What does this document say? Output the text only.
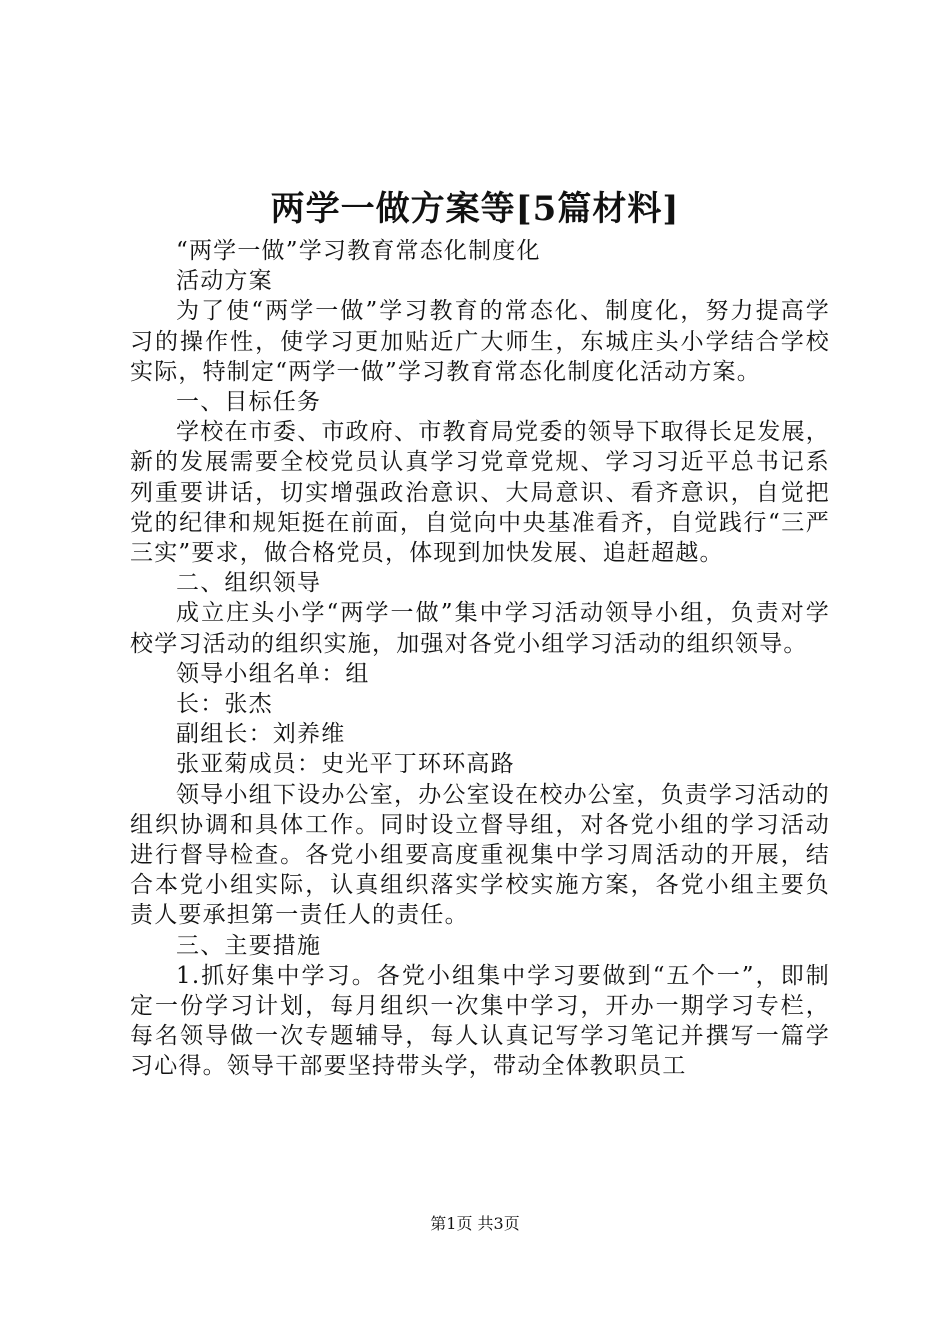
两学一做方案等[5篇材料]

“两学一做”学习教育常态化制度化

活动方案

为了使“两学一做”学习教育的常态化、制度化，努力提高学习的操作性，使学习更加贴近广大师生，东城庄头小学结合学校实际，特制定“两学一做”学习教育常态化制度化活动方案。

一、目标任务

学校在市委、市政府、市教育局党委的领导下取得长足发展，新的发展需要全校党员认真学习党章党规、学习习近平总书记系列重要讲话，切实增强政治意识、大局意识、看齐意识，自觉把党的纪律和规矩挺在前面，自觉向中央基准看齐，自觉践行“三严三实”要求，做合格党员，体现到加快发展、追赶超越。

二、组织领导

成立庄头小学“两学一做”集中学习活动领导小组，负责对学校学习活动的组织实施，加强对各党小组学习活动的组织领导。

领导小组名单：组

长：张杰

副组长：刘养维

张亚菊成员：史光平丁环环高路

领导小组下设办公室，办公室设在校办公室，负责学习活动的组织协调和具体工作。同时设立督导组，对各党小组的学习活动进行督导检查。各党小组要高度重视集中学习周活动的开展，结合本党小组实际，认真组织落实学校实施方案，各党小组主要负责人要承担第一责任人的责任。

三、主要措施

1.抓好集中学习。各党小组集中学习要做到“五个一”，即制定一份学习计划，每月组织一次集中学习，开办一期学习专栏，每名领导做一次专题辅导，每人认真记写学习笔记并撰写一篇学习心得。领导干部要坚持带头学，带动全体教职员工

第1页 共3页
